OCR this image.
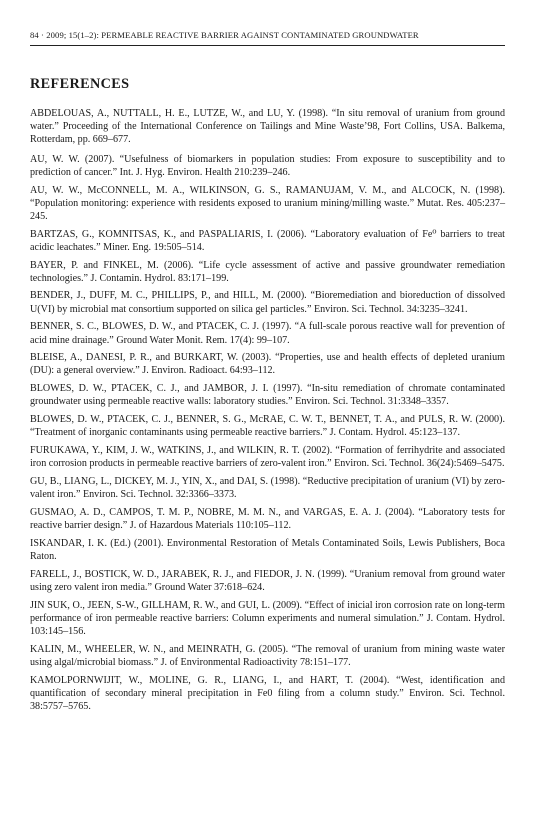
84 · 2009; 15(1–2): PERMEABLE REACTIVE BARRIER AGAINST CONTAMINATED GROUNDWATER
REFERENCES
ABDELOUAS, A., NUTTALL, H. E., LUTZE, W., and LU, Y. (1998). “In situ removal of uranium from ground water.” Proceeding of the International Conference on Tailings and Mine Waste’98, Fort Collins, USA. Balkema, Rotterdam, pp. 669–677.
AU, W. W. (2007). “Usefulness of biomarkers in population studies: From exposure to susceptibility and to prediction of cancer.” Int. J. Hyg. Environ. Health 210:239–246.
AU, W. W., McCONNELL, M. A., WILKINSON, G. S., RAMANUJAM, V. M., and ALCOCK, N. (1998). “Population monitoring: experience with residents exposed to uranium mining/milling waste.” Mutat. Res. 405:237–245.
BARTZAS, G., KOMNITSAS, K., and PASPALIARIS, I. (2006). “Laboratory evaluation of Fe⁰ barriers to treat acidic leachates.” Miner. Eng. 19:505–514.
BAYER, P. and FINKEL, M. (2006). “Life cycle assessment of active and passive groundwater remediation technologies.” J. Contamin. Hydrol. 83:171–199.
BENDER, J., DUFF, M. C., PHILLIPS, P., and HILL, M. (2000). “Bioremediation and bioreduction of dissolved U(VI) by microbial mat consortium supported on silica gel particles.” Environ. Sci. Technol. 34:3235–3241.
BENNER, S. C., BLOWES, D. W., and PTACEK, C. J. (1997). “A full-scale porous reactive wall for prevention of acid mine drainage.” Ground Water Monit. Rem. 17(4): 99–107.
BLEISE, A., DANESI, P. R., and BURKART, W. (2003). “Properties, use and health effects of depleted uranium (DU): a general overview.” J. Environ. Radioact. 64:93–112.
BLOWES, D. W., PTACEK, C. J., and JAMBOR, J. I. (1997). “In-situ remediation of chromate contaminated groundwater using permeable reactive walls: laboratory studies.” Environ. Sci. Technol. 31:3348–3357.
BLOWES, D. W., PTACEK, C. J., BENNER, S. G., McRAE, C. W. T., BENNET, T. A., and PULS, R. W. (2000). “Treatment of inorganic contaminants using permeable reactive barriers.” J. Contam. Hydrol. 45:123–137.
FURUKAWA, Y., KIM, J. W., WATKINS, J., and WILKIN, R. T. (2002). “Formation of ferrihydrite and associated iron corrosion products in permeable reactive barriers of zero-valent iron.” Environ. Sci. Technol. 36(24):5469–5475.
GU, B., LIANG, L., DICKEY, M. J., YIN, X., and DAI, S. (1998). “Reductive precipitation of uranium (VI) by zero-valent iron.” Environ. Sci. Technol. 32:3366–3373.
GUSMAO, A. D., CAMPOS, T. M. P., NOBRE, M. M. N., and VARGAS, E. A. J. (2004). “Laboratory tests for reactive barrier design.” J. of Hazardous Materials 110:105–112.
ISKANDAR, I. K. (Ed.) (2001). Environmental Restoration of Metals Contaminated Soils, Lewis Publishers, Boca Raton.
FARELL, J., BOSTICK, W. D., JARABEK, R. J., and FIEDOR, J. N. (1999). “Uranium removal from ground water using zero valent iron media.” Ground Water 37:618–624.
JIN SUK, O., JEEN, S-W., GILLHAM, R. W., and GUI, L. (2009). “Effect of inicial iron corrosion rate on long-term performance of iron permeable reactive barriers: Column experiments and numeral simulation.” J. Contam. Hydrol. 103:145–156.
KALIN, M., WHEELER, W. N., and MEINRATH, G. (2005). “The removal of uranium from mining waste water using algal/microbial biomass.” J. of Environmental Radioactivity 78:151–177.
KAMOLPORNWIJIT, W., MOLINE, G. R., LIANG, I., and HART, T. (2004). “West, identification and quantification of secondary mineral precipitation in Fe0 filing from a column study.” Environ. Sci. Technol. 38:5757–5765.
